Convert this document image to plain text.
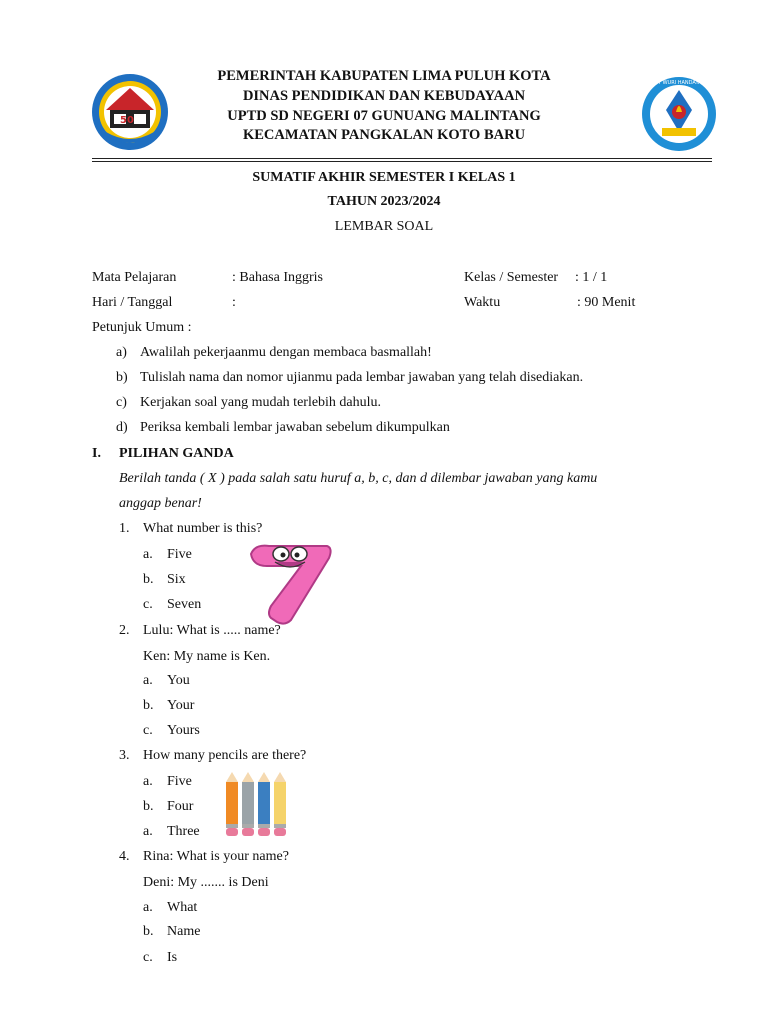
50
TUT WURI HANDAYANI
PEMERINTAH KABUPATEN LIMA PULUH KOTA
DINAS PENDIDIKAN DAN KEBUDAYAAN
UPTD SD NEGERI 07 GUNUANG MALINTANG
KECAMATAN PANGKALAN KOTO BARU
SUMATIF AKHIR SEMESTER I KELAS 1
TAHUN 2023/2024
LEMBAR SOAL
Mata Pelajaran	: Bahasa Inggris	Kelas / Semester : 1 / 1
Hari / Tanggal	:	Waktu	: 90 Menit
Petunjuk Umum :
a) Awalilah pekerjaanmu dengan membaca basmallah!
b) Tulislah nama dan nomor ujianmu pada lembar jawaban yang telah disediakan.
c) Kerjakan soal yang mudah terlebih dahulu.
d) Periksa kembali lembar jawaban sebelum dikumpulkan
I. PILIHAN GANDA
Berilah tanda ( X ) pada salah satu huruf a, b, c, dan d dilembar jawaban yang kamu
anggap benar!
1. What number is this?
a. Five
b. Six
c. Seven
2. Lulu: What is ..... name?
Ken: My name is Ken.
a. You
b. Your
c. Yours
3. How many pencils are there?
a. Five
b. Four
a. Three
4. Rina: What is your name?
Deni: My ....... is Deni
a. What
b. Name
c. Is
